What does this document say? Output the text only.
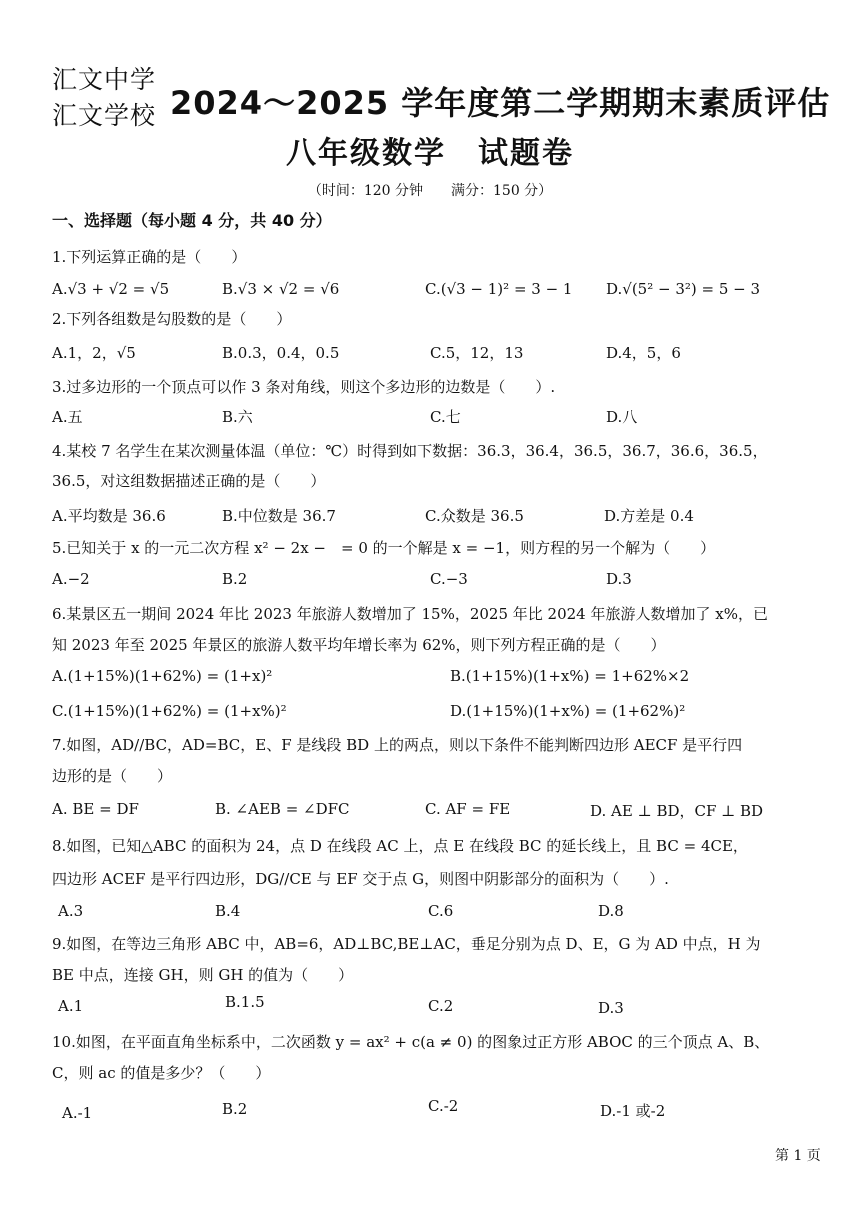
汇文中学
汇文学校 2024～2025 学年度第二学期期末素质评估
八年级数学　试题卷
（时间：120 分钟　　满分：150 分）
一、选择题（每小题 4 分，共 40 分）
1.下列运算正确的是（　　）
A.√3 + √2 = √5	B.√3 × √2 = √6	C.(√3 − 1)² = 3 − 1 D.√(5² − 3²) = 5 − 3
2.下列各组数是勾股数的是（　　）
A.1，2，√5	B.0.3，0.4，0.5	C.5，12，13	D.4，5，6
3.过多边形的一个顶点可以作 3 条对角线，则这个多边形的边数是（　　）.
A.五	B.六	C.七	D.八
4.某校 7 名学生在某次测量体温（单位：℃）时得到如下数据：36.3，36.4，36.5，36.7，36.6，36.5，
36.5，对这组数据描述正确的是（　　）
A.平均数是 36.6	B.中位数是 36.7	C.众数是 36.5	D.方差是 0.4
5.已知关于 x 的一元二次方程 x² − 2x −　= 0 的一个解是 x = −1，则方程的另一个解为（　　）
A.−2	B.2	C.−3	D.3
6.某景区五一期间 2024 年比 2023 年旅游人数增加了 15%，2025 年比 2024 年旅游人数增加了 x%，已
知 2023 年至 2025 年景区的旅游人数平均年增长率为 62%，则下列方程正确的是（　　）
A.(1+15%)(1+62%) = (1+x)²	B.(1+15%)(1+x%) = 1+62%×2
C.(1+15%)(1+62%) = (1+x%)²	D.(1+15%)(1+x%) = (1+62%)²
7.如图，AD//BC，AD=BC，E、F 是线段 BD 上的两点，则以下条件不能判断四边形 AECF 是平行四
边形的是（　　）
A. BE = DF	B. ∠AEB = ∠DFC	C. AF = FE	D. AE ⊥ BD，CF ⊥ BD
8.如图，已知△ABC 的面积为 24，点 D 在线段 AC 上，点 E 在线段 BC 的延长线上，且 BC = 4CE，
四边形 ACEF 是平行四边形，DG//CE 与 EF 交于点 G，则图中阴影部分的面积为（　　）.
A.3	B.4	C.6	D.8
9.如图，在等边三角形 ABC 中，AB=6，AD⊥BC,BE⊥AC，垂足分别为点 D、E，G 为 AD 中点，H 为
BE 中点，连接 GH，则 GH 的值为（　　）
A.1	B.1.5	C.2	D.3
10.如图，在平面直角坐标系中，二次函数 y = ax² + c(a ≠ 0) 的图象过正方形 ABOC 的三个顶点 A、B、
C，则 ac 的值是多少？（　　）
A.-1	B.2	C.-2	D.-1 或-2
第 1 页
